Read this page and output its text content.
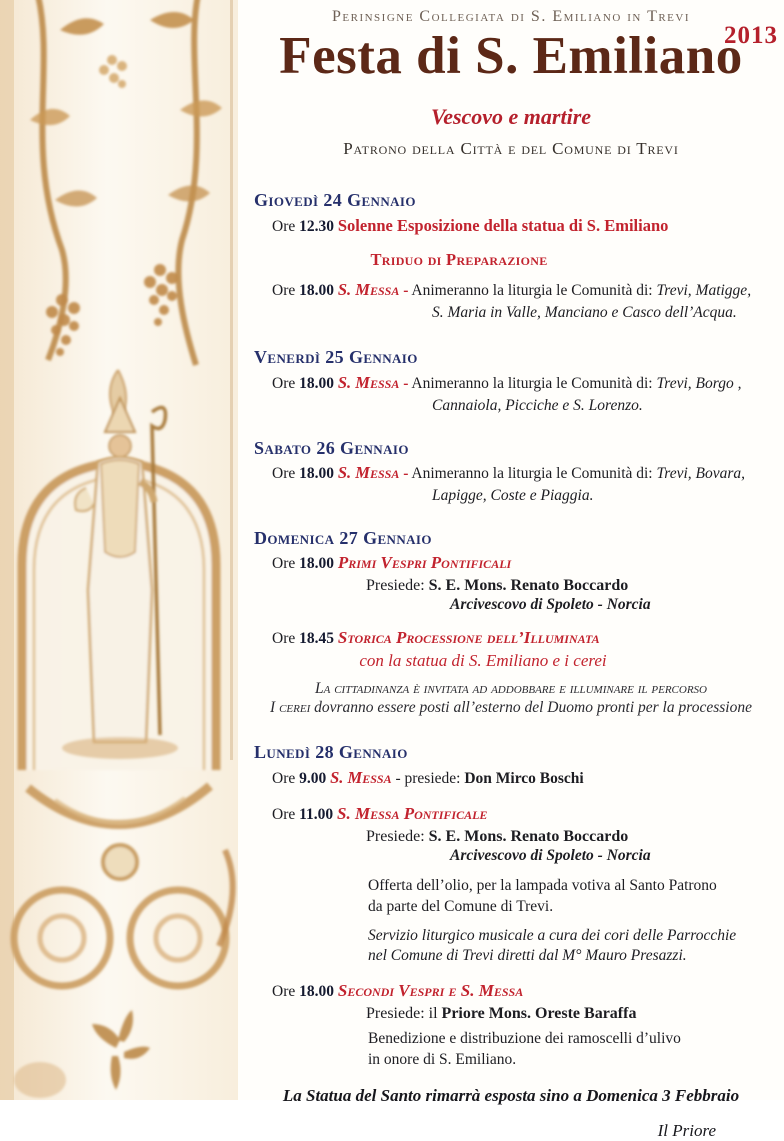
Perinsigne Collegiata di S. Emiliano in Trevi
Festa di S. Emiliano
2013
Vescovo e martire
Patrono della Città e del Comune di Trevi
Giovedì 24 Gennaio

Ore 12.30 Solenne Esposizione della statua di S. Emiliano

Triduo di Preparazione

Ore 18.00 S. Messa - Animeranno la liturgia le Comunità di: Trevi, Matigge,

S. Maria in Valle, Manciano e Casco dell’Acqua.

Venerdì 25 Gennaio

Ore 18.00 S. Messa - Animeranno la liturgia le Comunità di: Trevi, Borgo ,

Cannaiola, Picciche e S. Lorenzo.

Sabato 26 Gennaio

Ore 18.00 S. Messa - Animeranno la liturgia le Comunità di: Trevi, Bovara,

Lapigge, Coste e Piaggia.

Domenica 27 Gennaio

Ore 18.00 Primi Vespri Pontificali

Presiede: S. E. Mons. Renato Boccardo

Arcivescovo di Spoleto - Norcia

Ore 18.45 Storica Processione dell’Illuminata

con la statua di S. Emiliano e i cerei

La cittadinanza è invitata ad addobbare e illuminare il percorso

I cerei dovranno essere posti all’esterno del Duomo pronti per la processione

Lunedì 28 Gennaio

Ore 9.00 S. Messa - presiede: Don Mirco Boschi

Ore 11.00 S. Messa Pontificale

Presiede: S. E. Mons. Renato Boccardo

Arcivescovo di Spoleto - Norcia

Offerta dell’olio, per la lampada votiva al Santo Patrono
da parte del Comune di Trevi.
Servizio liturgico musicale a cura dei cori delle Parrocchie
nel Comune di Trevi diretti dal M° Mauro Presazzi.

Ore 18.00 Secondi Vespri e S. Messa

Presiede: il Priore Mons. Oreste Baraffa

Benedizione e distribuzione dei ramoscelli d’ulivo
in onore di S. Emiliano.
La Statua del Santo rimarrà esposta sino a Domenica 3 Febbraio
Il Priore
